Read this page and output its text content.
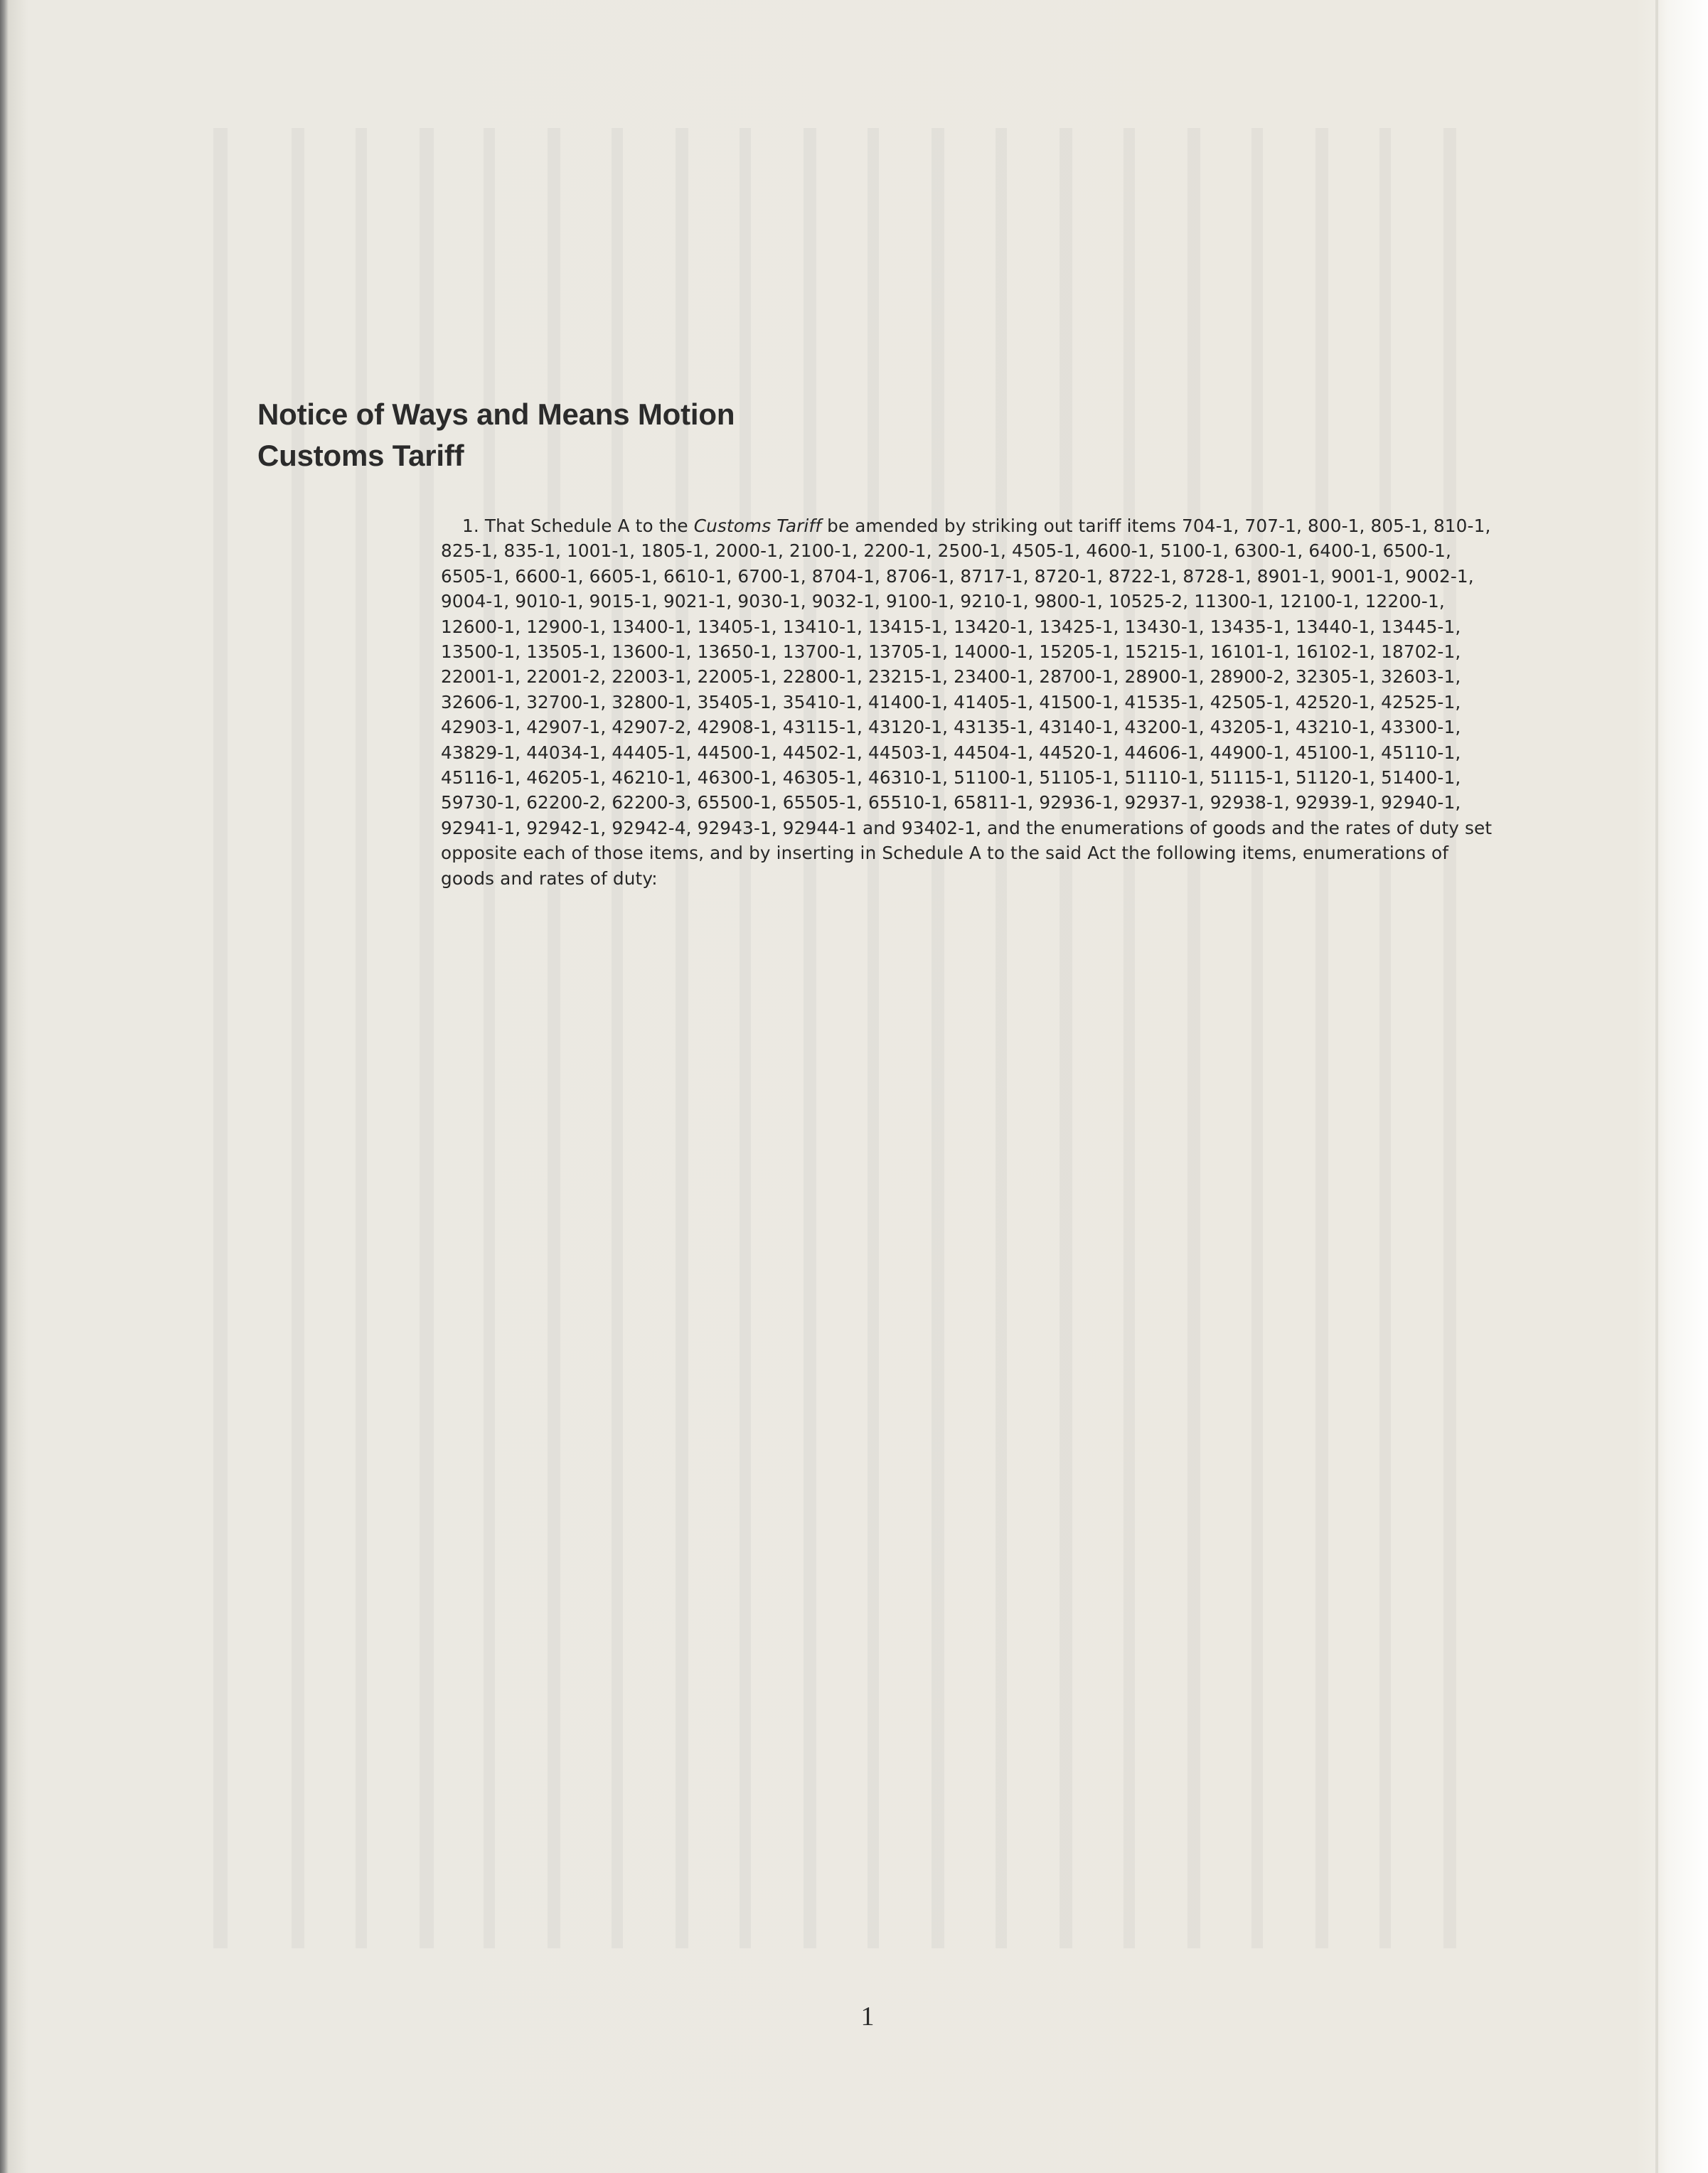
Notice of Ways and Means Motion
Customs Tariff

1. That Schedule A to the Customs Tariff be amended by striking out tariff items 704-1, 707-1, 800-1, 805-1, 810-1, 825-1, 835-1, 1001-1, 1805-1, 2000-1, 2100-1, 2200-1, 2500-1, 4505-1, 4600-1, 5100-1, 6300-1, 6400-1, 6500-1, 6505-1, 6600-1, 6605-1, 6610-1, 6700-1, 8704-1, 8706-1, 8717-1, 8720-1, 8722-1, 8728-1, 8901-1, 9001-1, 9002-1, 9004-1, 9010-1, 9015-1, 9021-1, 9030-1, 9032-1, 9100-1, 9210-1, 9800-1, 10525-2, 11300-1, 12100-1, 12200-1, 12600-1, 12900-1, 13400-1, 13405-1, 13410-1, 13415-1, 13420-1, 13425-1, 13430-1, 13435-1, 13440-1, 13445-1, 13500-1, 13505-1, 13600-1, 13650-1, 13700-1, 13705-1, 14000-1, 15205-1, 15215-1, 16101-1, 16102-1, 18702-1, 22001-1, 22001-2, 22003-1, 22005-1, 22800-1, 23215-1, 23400-1, 28700-1, 28900-1, 28900-2, 32305-1, 32603-1, 32606-1, 32700-1, 32800-1, 35405-1, 35410-1, 41400-1, 41405-1, 41500-1, 41535-1, 42505-1, 42520-1, 42525-1, 42903-1, 42907-1, 42907-2, 42908-1, 43115-1, 43120-1, 43135-1, 43140-1, 43200-1, 43205-1, 43210-1, 43300-1, 43829-1, 44034-1, 44405-1, 44500-1, 44502-1, 44503-1, 44504-1, 44520-1, 44606-1, 44900-1, 45100-1, 45110-1, 45116-1, 46205-1, 46210-1, 46300-1, 46305-1, 46310-1, 51100-1, 51105-1, 51110-1, 51115-1, 51120-1, 51400-1, 59730-1, 62200-2, 62200-3, 65500-1, 65505-1, 65510-1, 65811-1, 92936-1, 92937-1, 92938-1, 92939-1, 92940-1, 92941-1, 92942-1, 92942-4, 92943-1, 92944-1 and 93402-1, and the enumerations of goods and the rates of duty set opposite each of those items, and by inserting in Schedule A to the said Act the following items, enumerations of goods and rates of duty:

1
